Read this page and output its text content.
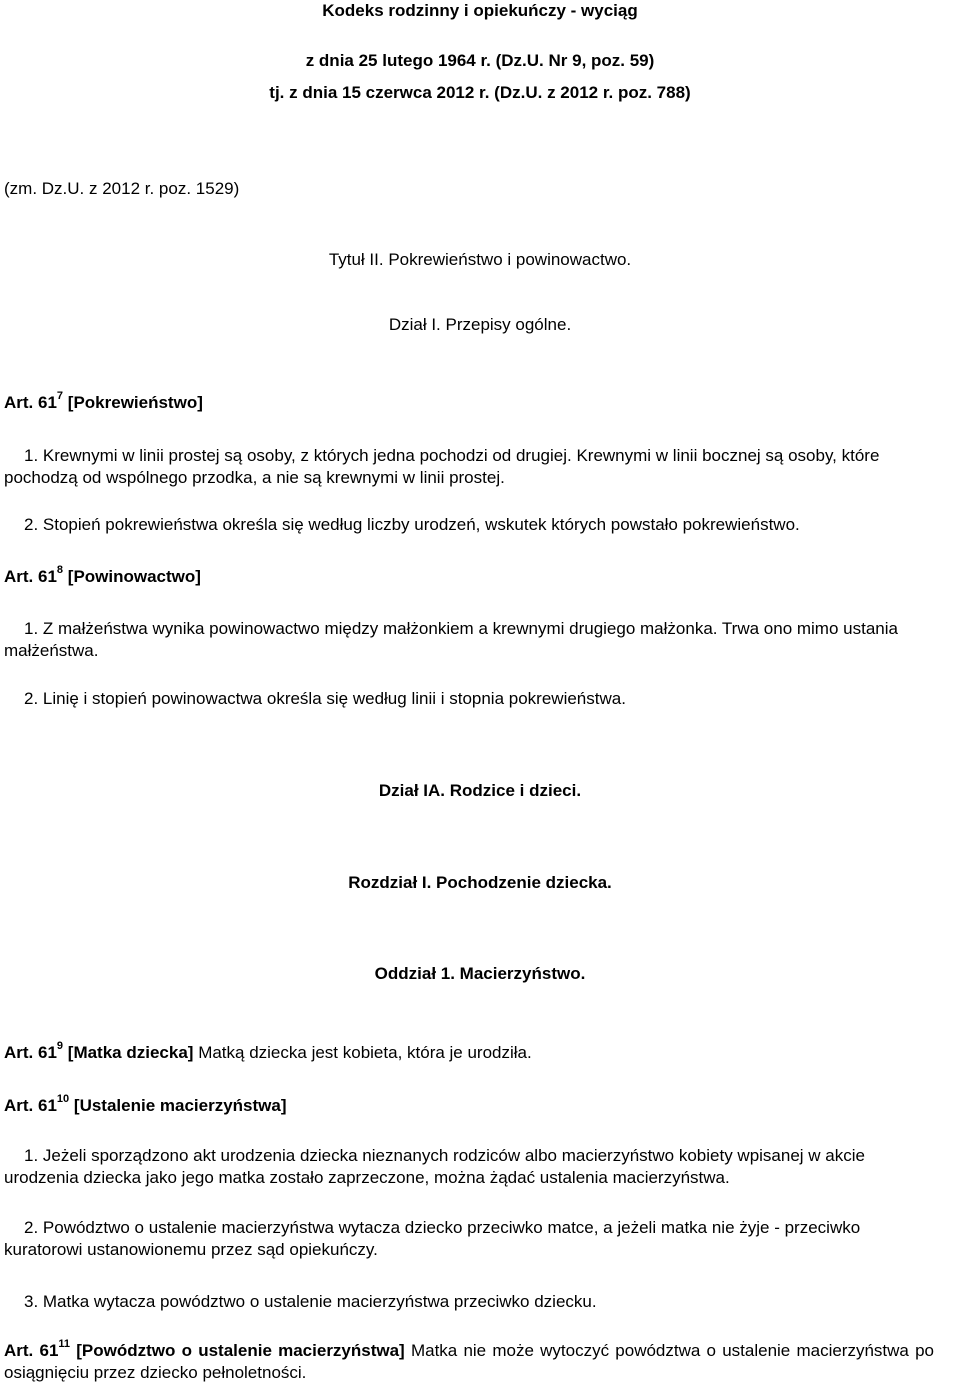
Kodeks rodzinny i opiekuńczy - wyciąg
z dnia 25 lutego 1964 r. (Dz.U. Nr 9, poz. 59)
tj. z dnia 15 czerwca 2012 r. (Dz.U. z 2012 r. poz. 788)
(zm. Dz.U. z 2012 r. poz. 1529)
Tytuł II. Pokrewieństwo i powinowactwo.
Dział I. Przepisy ogólne.
Art. $61^7$ [Pokrewieństwo]
1. Krewnymi w linii prostej są osoby, z których jedna pochodzi od drugiej. Krewnymi w linii bocznej są osoby, które pochodzą od wspólnego przodka, a nie są krewnymi w linii prostej.
2. Stopień pokrewieństwa określa się według liczby urodzeń, wskutek których powstało pokrewieństwo.
Art. $61^8$ [Powinowactwo]
1. Z małżeństwa wynika powinowactwo między małżonkiem a krewnymi drugiego małżonka. Trwa ono mimo ustania małżeństwa.
2. Linię i stopień powinowactwa określa się według linii i stopnia pokrewieństwa.
Dział IA. Rodzice i dzieci.
Rozdział I. Pochodzenie dziecka.
Oddział 1. Macierzyństwo.
Art. $61^9$ [Matka dziecka] Matką dziecka jest kobieta, która je urodziła.
Art. $61^{10}$ [Ustalenie macierzyństwa]
1. Jeżeli sporządzono akt urodzenia dziecka nieznanych rodziców albo macierzyństwo kobiety wpisanej w akcie urodzenia dziecka jako jego matka zostało zaprzeczone, można żądać ustalenia macierzyństwa.
2. Powództwo o ustalenie macierzyństwa wytacza dziecko przeciwko matce, a jeżeli matka nie żyje - przeciwko kuratorowi ustanowionemu przez sąd opiekuńczy.
3. Matka wytacza powództwo o ustalenie macierzyństwa przeciwko dziecku.
Art. $61^{11}$ [Powództwo o ustalenie macierzyństwa] Matka nie może wytoczyć powództwa o ustalenie macierzyństwa po osiągnięciu przez dziecko pełnoletności.
